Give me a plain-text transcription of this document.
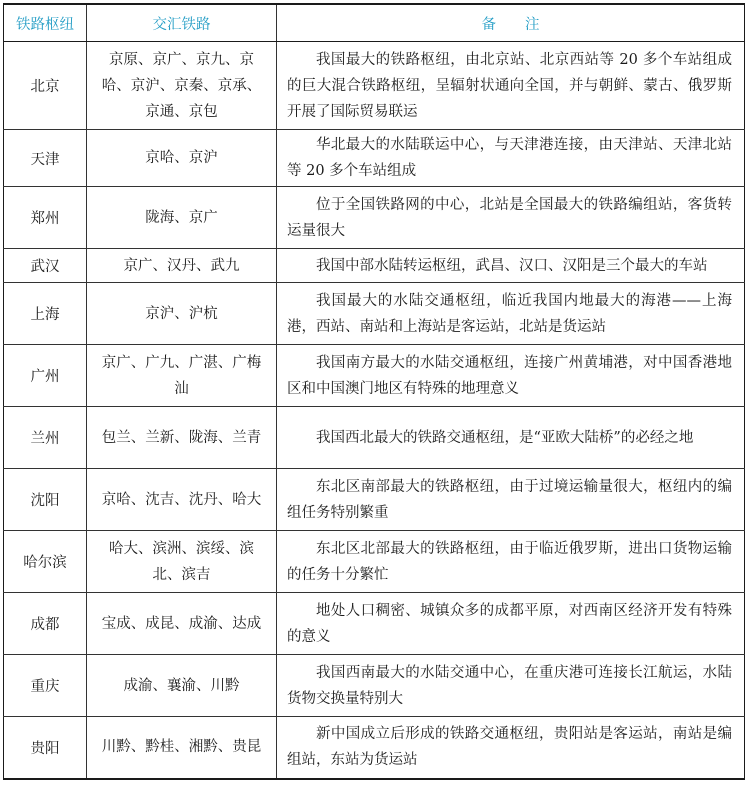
铁路枢纽	交汇铁路	备注
北京	京原、京广、京九、京哈、京沪、京秦、京承、京通、京包	我国最大的铁路枢纽，由北京站、北京西站等 20 多个车站组成的巨大混合铁路枢纽，呈辐射状通向全国，并与朝鲜、蒙古、俄罗斯开展了国际贸易联运

天津	京哈、京沪	华北最大的水陆联运中心，与天津港连接，由天津站、天津北站等 20 多个车站组成

郑州	陇海、京广	位于全国铁路网的中心，北站是全国最大的铁路编组站，客货转运量很大

武汉	京广、汉丹、武九	我国中部水陆转运枢纽，武昌、汉口、汉阳是三个最大的车站

上海	京沪、沪杭	我国最大的水陆交通枢纽，临近我国内地最大的海港——上海港，西站、南站和上海站是客运站，北站是货运站

广州	京广、广九、广湛、广梅汕	我国南方最大的水陆交通枢纽，连接广州黄埔港，对中国香港地区和中国澳门地区有特殊的地理意义

兰州	包兰、兰新、陇海、兰青	我国西北最大的铁路交通枢纽，是“亚欧大陆桥”的必经之地

沈阳	京哈、沈吉、沈丹、哈大	东北区南部最大的铁路枢纽，由于过境运输量很大，枢纽内的编组任务特别繁重

哈尔滨	哈大、滨洲、滨绥、滨北、滨吉	东北区北部最大的铁路枢纽，由于临近俄罗斯，进出口货物运输的任务十分繁忙

成都	宝成、成昆、成渝、达成	地处人口稠密、城镇众多的成都平原，对西南区经济开发有特殊的意义

重庆	成渝、襄渝、川黔	我国西南最大的水陆交通中心，在重庆港可连接长江航运，水陆货物交换量特别大

贵阳	川黔、黔桂、湘黔、贵昆	新中国成立后形成的铁路交通枢纽，贵阳站是客运站，南站是编组站，东站为货运站
